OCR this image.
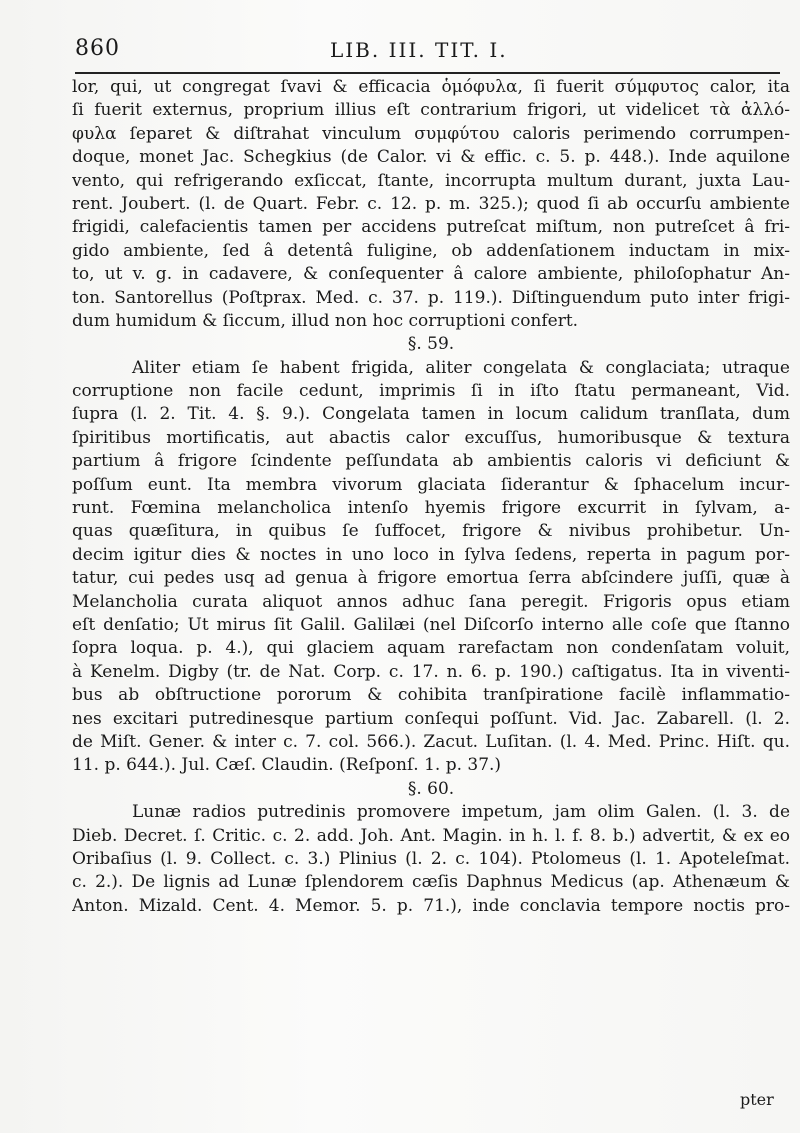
860	LIB. III. TIT. I.
lor, qui, ut congregat ſvavi & efficacia ὁμόφυλα, ſi fuerit σύμφυτος calor, ita
ſi fuerit externus, proprium illius eſt contrarium frigori, ut videlicet τὰ ἀλλό-
φυλα ſeparet & diſtrahat vinculum συμφύτου caloris perimendo corrumpen-
doque, monet Jac. Schegkius (de Calor. vi & effic. c. 5. p. 448.). Inde aquilone
vento, qui refrigerando exſiccat, ſtante, incorrupta multum durant, juxta Lau-
rent. Joubert. (l. de Quart. Febr. c. 12. p. m. 325.); quod ſi ab occurſu ambiente
frigidi, calefacientis tamen per accidens putreſcat miſtum, non putreſcet â fri-
gido ambiente, ſed â detentâ fuligine, ob addenſationem inductam in mix-
to, ut v. g. in cadavere, & conſequenter â calore ambiente, philoſophatur An-
ton. Santorellus (Poſtprax. Med. c. 37. p. 119.). Diſtinguendum puto inter frigi-
dum humidum & ſiccum, illud non hoc corruptioni confert.
§. 59.
Aliter etiam ſe habent frigida, aliter congelata & conglaciata; utraque
corruptione non facile cedunt, imprimis ſi in iſto ſtatu permaneant, Vid.
ſupra (l. 2. Tit. 4. §. 9.). Congelata tamen in locum calidum tranſlata, dum
ſpiritibus mortificatis, aut abactis calor excuſſus, humoribusque & textura
partium â frigore ſcindente peſſundata ab ambientis caloris vi deficiunt &
poſſum eunt. Ita membra vivorum glaciata ſiderantur & ſphacelum incur-
runt. Fœmina melancholica intenſo hyemis frigore excurrit in ſylvam, a-
quas quæſitura, in quibus ſe ſuffocet, frigore & nivibus prohibetur. Un-
decim igitur dies & noctes in uno loco in ſylva ſedens, reperta in pagum por-
tatur, cui pedes usq ad genua à frigore emortua ſerra abſcindere juſſi, quæ à
Melancholia curata aliquot annos adhuc ſana peregit. Frigoris opus etiam
eſt denſatio; Ut mirus ſit Galil. Galilæi (nel Diſcorſo interno alle coſe que ſtanno
ſopra loqua. p. 4.), qui glaciem aquam rarefactam non condenſatam voluit,
à Kenelm. Digby (tr. de Nat. Corp. c. 17. n. 6. p. 190.) caſtigatus. Ita in viventi-
bus ab obſtructione pororum & cohibita tranſpiratione facilè inflammatio-
nes excitari putredinesque partium conſequi poſſunt. Vid. Jac. Zabarell. (l. 2.
de Miſt. Gener. & inter c. 7. col. 566.). Zacut. Luſitan. (l. 4. Med. Princ. Hiſt. qu.
11. p. 644.). Jul. Cæſ. Claudin. (Reſponſ. 1. p. 37.)
§. 60.
Lunæ radios putredinis promovere impetum, jam olim Galen. (l. 3. de
Dieb. Decret. ſ. Critic. c. 2. add. Joh. Ant. Magin. in h. l. f. 8. b.) advertit, & ex eo
Oribaſius (l. 9. Collect. c. 3.) Plinius (l. 2. c. 104). Ptolomeus (l. 1. Apoteleſmat.
c. 2.). De lignis ad Lunæ ſplendorem cæſis Daphnus Medicus (ap. Athenæum &
Anton. Mizald. Cent. 4. Memor. 5. p. 71.), inde conclavia tempore noctis pro-
pter
